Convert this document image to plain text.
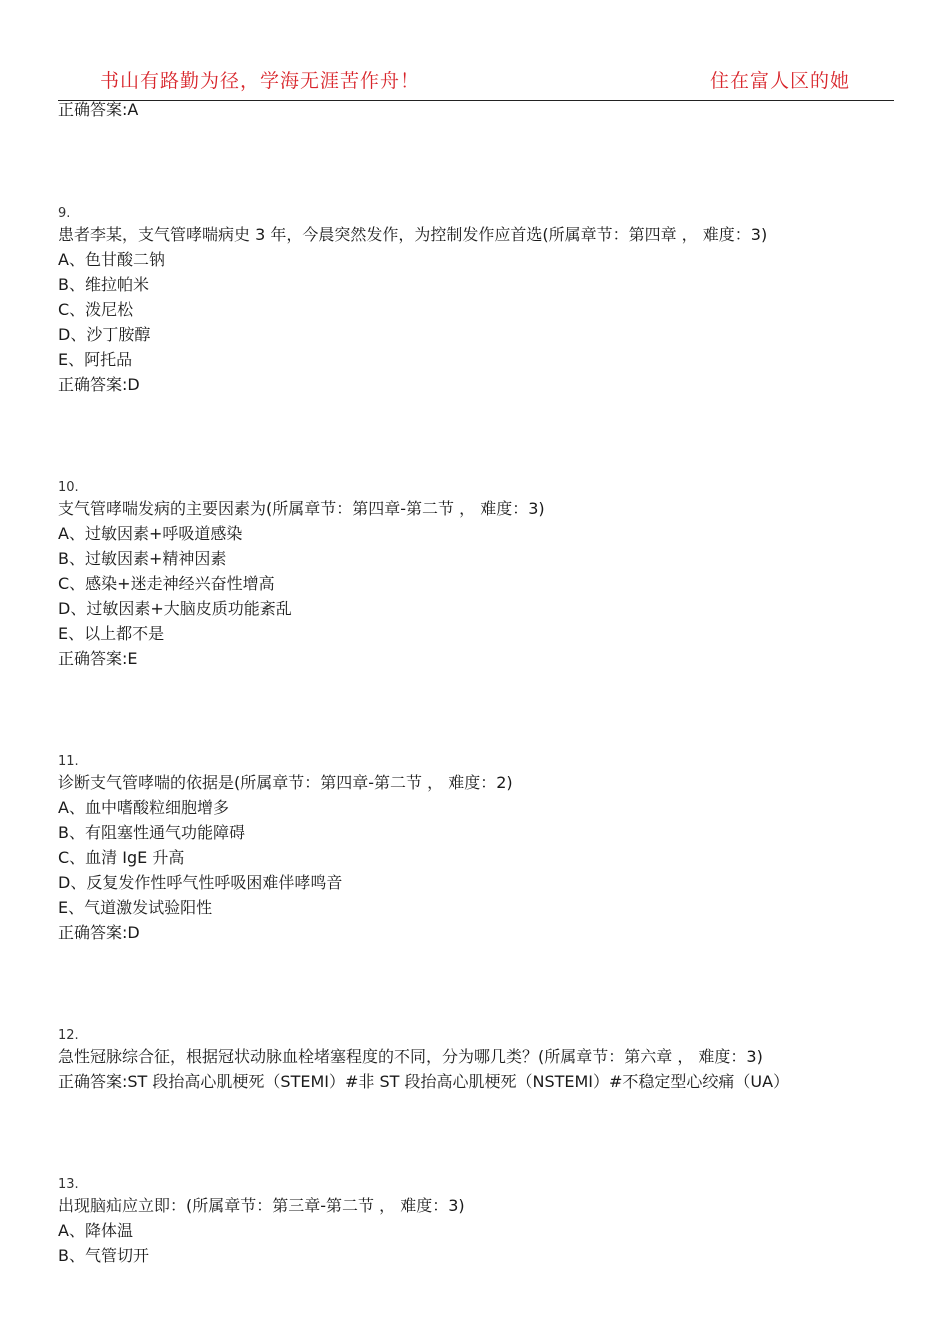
书山有路勤为径，学海无涯苦作舟！	住在富人区的她
正确答案:A
9.
患者李某，支气管哮喘病史 3 年，今晨突然发作，为控制发作应首选(所属章节：第四章 ， 难度：3)
A、色甘酸二钠
B、维拉帕米
C、泼尼松
D、沙丁胺醇
E、阿托品
正确答案:D
10.
支气管哮喘发病的主要因素为(所属章节：第四章-第二节 ， 难度：3)
A、过敏因素+呼吸道感染
B、过敏因素+精神因素
C、感染+迷走神经兴奋性增高
D、过敏因素+大脑皮质功能紊乱
E、以上都不是
正确答案:E
11.
诊断支气管哮喘的依据是(所属章节：第四章-第二节 ， 难度：2)
A、血中嗜酸粒细胞增多
B、有阻塞性通气功能障碍
C、血清 IgE 升高
D、反复发作性呼气性呼吸困难伴哮鸣音
E、气道激发试验阳性
正确答案:D
12.
急性冠脉综合征，根据冠状动脉血栓堵塞程度的不同，分为哪几类？(所属章节：第六章 ， 难度：3)
正确答案:ST 段抬高心肌梗死（STEMI）#非 ST 段抬高心肌梗死（NSTEMI）#不稳定型心绞痛（UA）
13.
出现脑疝应立即：(所属章节：第三章-第二节 ， 难度：3)
A、降体温
B、气管切开
